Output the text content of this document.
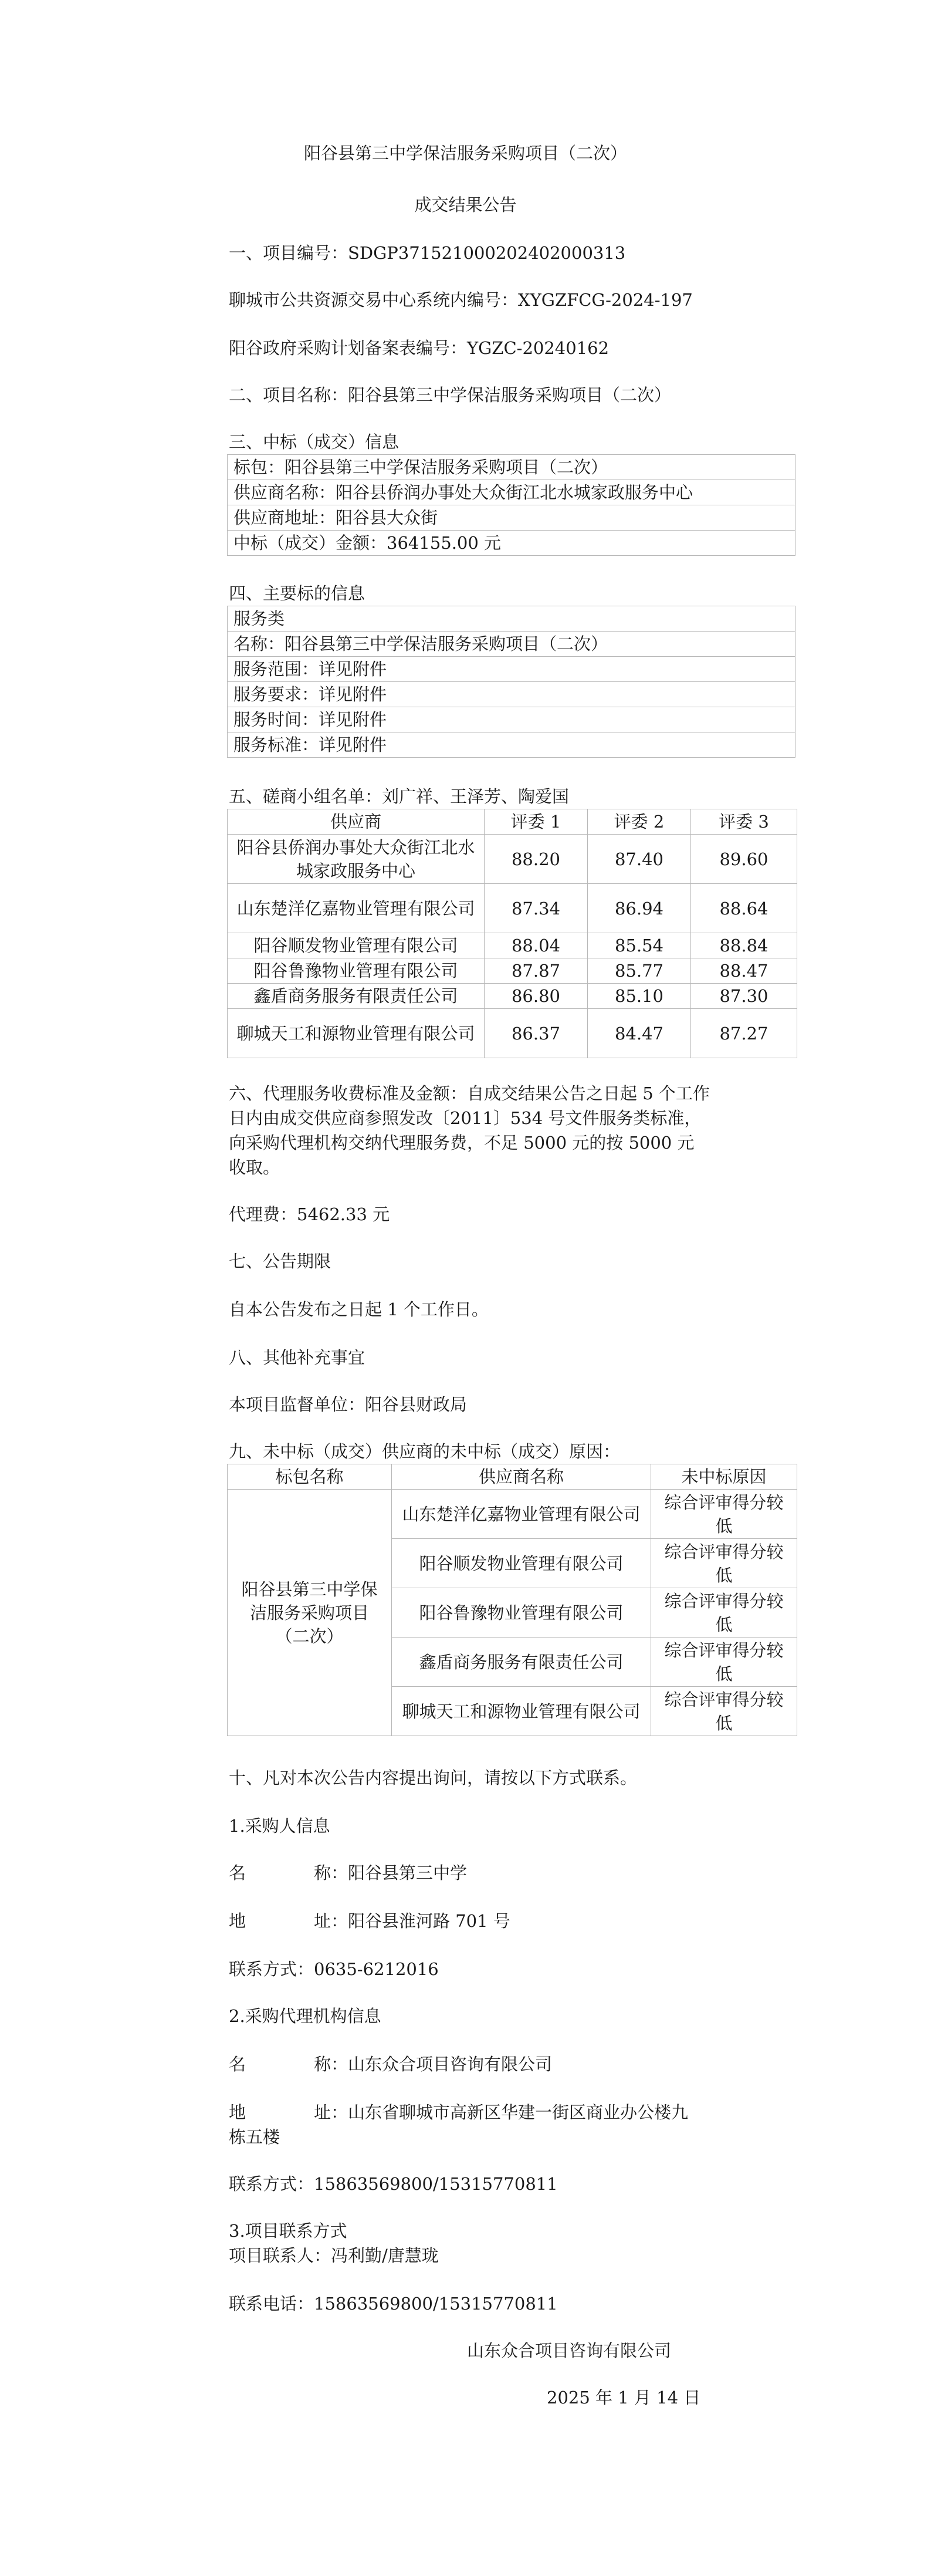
阳谷县第三中学保洁服务采购项目（二次）
成交结果公告
一、项目编号：SDGP371521000202402000313
聊城市公共资源交易中心系统内编号：XYGZFCG-2024-197
阳谷政府采购计划备案表编号：YGZC-20240162
二、项目名称：阳谷县第三中学保洁服务采购项目（二次）
三、中标（成交）信息
标包：阳谷县第三中学保洁服务采购项目（二次）
供应商名称：阳谷县侨润办事处大众街江北水城家政服务中心
供应商地址：阳谷县大众街
中标（成交）金额：364155.00 元
四、主要标的信息
服务类
名称：阳谷县第三中学保洁服务采购项目（二次）
服务范围：详见附件
服务要求：详见附件
服务时间：详见附件
服务标准：详见附件
五、磋商小组名单：刘广祥、王泽芳、陶爱国
供应商	评委 1	评委 2	评委 3
阳谷县侨润办事处大众街江北水城家政服务中心	88.20	87.40	89.60
山东楚洋亿嘉物业管理有限公司	87.34	86.94	88.64
阳谷顺发物业管理有限公司	88.04	85.54	88.84
阳谷鲁豫物业管理有限公司	87.87	85.77	88.47
鑫盾商务服务有限责任公司	86.80	85.10	87.30
聊城天工和源物业管理有限公司	86.37	84.47	87.27
六、代理服务收费标准及金额：自成交结果公告之日起 5 个工作日内由成交供应商参照发改〔2011〕534 号文件服务类标准，向采购代理机构交纳代理服务费，不足 5000 元的按 5000 元收取。
代理费：5462.33 元
七、公告期限
自本公告发布之日起 1 个工作日。
八、其他补充事宜
本项目监督单位：阳谷县财政局
九、未中标（成交）供应商的未中标（成交）原因：
标包名称	供应商名称	未中标原因
阳谷县第三中学保洁服务采购项目（二次）	山东楚洋亿嘉物业管理有限公司	综合评审得分较低
	阳谷顺发物业管理有限公司	综合评审得分较低
	阳谷鲁豫物业管理有限公司	综合评审得分较低
	鑫盾商务服务有限责任公司	综合评审得分较低
	聊城天工和源物业管理有限公司	综合评审得分较低
十、凡对本次公告内容提出询问，请按以下方式联系。
1.采购人信息
名　　　　称：阳谷县第三中学
地　　　　址：阳谷县淮河路 701 号
联系方式：0635-6212016
2.采购代理机构信息
名　　　　称：山东众合项目咨询有限公司
地　　　　址：山东省聊城市高新区华建一街区商业办公楼九栋五楼
联系方式：15863569800/15315770811
3.项目联系方式
项目联系人：冯利勤/唐慧珑
联系电话：15863569800/15315770811
山东众合项目咨询有限公司
2025 年 1 月 14 日
